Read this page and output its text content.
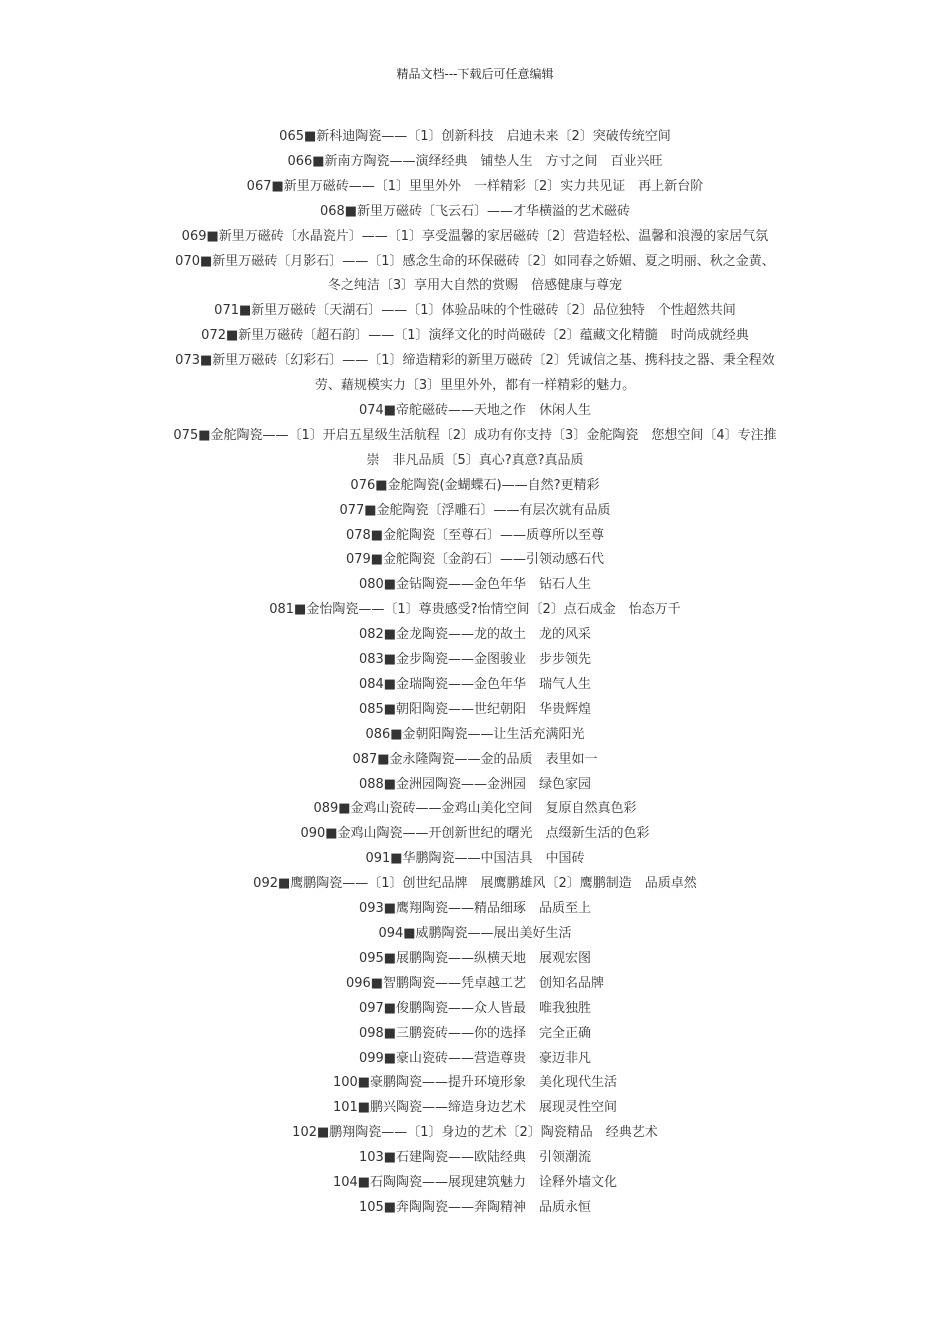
精品文档---下载后可任意编辑
065■新科迪陶瓷——〔1〕创新科技　启迪未来〔2〕突破传统空间
066■新南方陶瓷——演绎经典　铺垫人生　方寸之间　百业兴旺
067■新里万磁砖——〔1〕里里外外　一样精彩〔2〕实力共见证　再上新台阶
068■新里万磁砖〔飞云石〕——才华横溢的艺术磁砖
069■新里万磁砖〔水晶瓷片〕——〔1〕享受温馨的家居磁砖〔2〕营造轻松、温馨和浪漫的家居气氛
070■新里万磁砖〔月影石〕——〔1〕感念生命的环保磁砖〔2〕如同春之娇媚、夏之明丽、秋之金黄、
冬之纯洁〔3〕享用大自然的赏赐　倍感健康与尊宠
071■新里万磁砖〔天湖石〕——〔1〕体验品味的个性磁砖〔2〕品位独特　个性超然共间
072■新里万磁砖〔超石韵〕——〔1〕演绎文化的时尚磁砖〔2〕蕴藏文化精髓　时尚成就经典
073■新里万磁砖〔幻彩石〕——〔1〕缔造精彩的新里万磁砖〔2〕凭诚信之基、携科技之器、秉全程效
劳、藉规模实力〔3〕里里外外，都有一样精彩的魅力。
074■帝舵磁砖——天地之作　休闲人生
075■金舵陶瓷——〔1〕开启五星级生活航程〔2〕成功有你支持〔3〕金舵陶瓷　您想空间〔4〕专注推
崇　非凡品质〔5〕真心?真意?真品质
076■金舵陶瓷(金蝴蝶石)——自然?更精彩
077■金舵陶瓷〔浮雕石〕——有层次就有品质
078■金舵陶瓷〔至尊石〕——质尊所以至尊
079■金舵陶瓷〔金韵石〕——引领动感石代
080■金钻陶瓷——金色年华　钻石人生
081■金怡陶瓷——〔1〕尊贵感受?怡情空间〔2〕点石成金　怡态万千
082■金龙陶瓷——龙的故土　龙的风采
083■金步陶瓷——金图骏业　步步领先
084■金瑞陶瓷——金色年华　瑞气人生
085■朝阳陶瓷——世纪朝阳　华贵辉煌
086■金朝阳陶瓷——让生活充满阳光
087■金永隆陶瓷——金的品质　表里如一
088■金洲园陶瓷——金洲园　绿色家园
089■金鸡山瓷砖——金鸡山美化空间　复原自然真色彩
090■金鸡山陶瓷——开创新世纪的曙光　点缀新生活的色彩
091■华鹏陶瓷——中国洁具　中国砖
092■鹰鹏陶瓷——〔1〕创世纪品牌　展鹰鹏雄风〔2〕鹰鹏制造　品质卓然
093■鹰翔陶瓷——精品细琢　品质至上
094■威鹏陶瓷——展出美好生活
095■展鹏陶瓷——纵横天地　展观宏图
096■智鹏陶瓷——凭卓越工艺　创知名品牌
097■俊鹏陶瓷——众人皆最　唯我独胜
098■三鹏瓷砖——你的选择　完全正确
099■豪山瓷砖——营造尊贵　豪迈非凡
100■豪鹏陶瓷——提升环境形象　美化现代生活
101■鹏兴陶瓷——缔造身边艺术　展现灵性空间
102■鹏翔陶瓷——〔1〕身边的艺术〔2〕陶瓷精品　经典艺术
103■石建陶瓷——欧陆经典　引领潮流
104■石陶陶瓷——展现建筑魅力　诠释外墙文化
105■奔陶陶瓷——奔陶精神　品质永恒
